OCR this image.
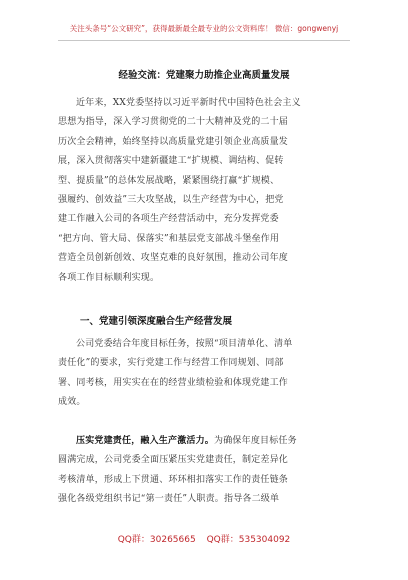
关注头条号“公文研究”，获得最新最全最专业的公文资料库！ 微信：gongwenyj
经验交流：党建聚力助推企业高质量发展
近年来，XX党委坚持以习近平新时代中国特色社会主义
思想为指导，深入学习贯彻党的二十大精神及党的二十届
历次全会精神，始终坚持以高质量党建引领企业高质量发
展，深入贯彻落实中建新疆建工“扩规模、调结构、促转
型、提质量”的总体发展战略，紧紧围绕打赢“扩规模、
强履约、创效益”三大攻坚战，以生产经营为中心，把党
建工作融入公司的各项生产经营活动中，充分发挥党委
“把方向、管大局、保落实”和基层党支部战斗堡垒作用
营造全员创新创效、攻坚克难的良好氛围，推动公司年度
各项工作目标顺利实现。
一、党建引领深度融合生产经营发展
公司党委结合年度目标任务，按照“项目清单化、清单
责任化”的要求，实行党建工作与经营工作同规划、同部
署、同考核，用实实在在的经营业绩检验和体现党建工作
成效。
压实党建责任，融入生产激活力。为确保年度目标任务
圆满完成，公司党委全面压紧压实党建责任，制定差异化
考核清单，形成上下贯通、环环相扣落实工作的责任链条
强化各级党组织书记“第一责任”人职责。指导各二级单
QQ群：30265665 QQ群：535304092
